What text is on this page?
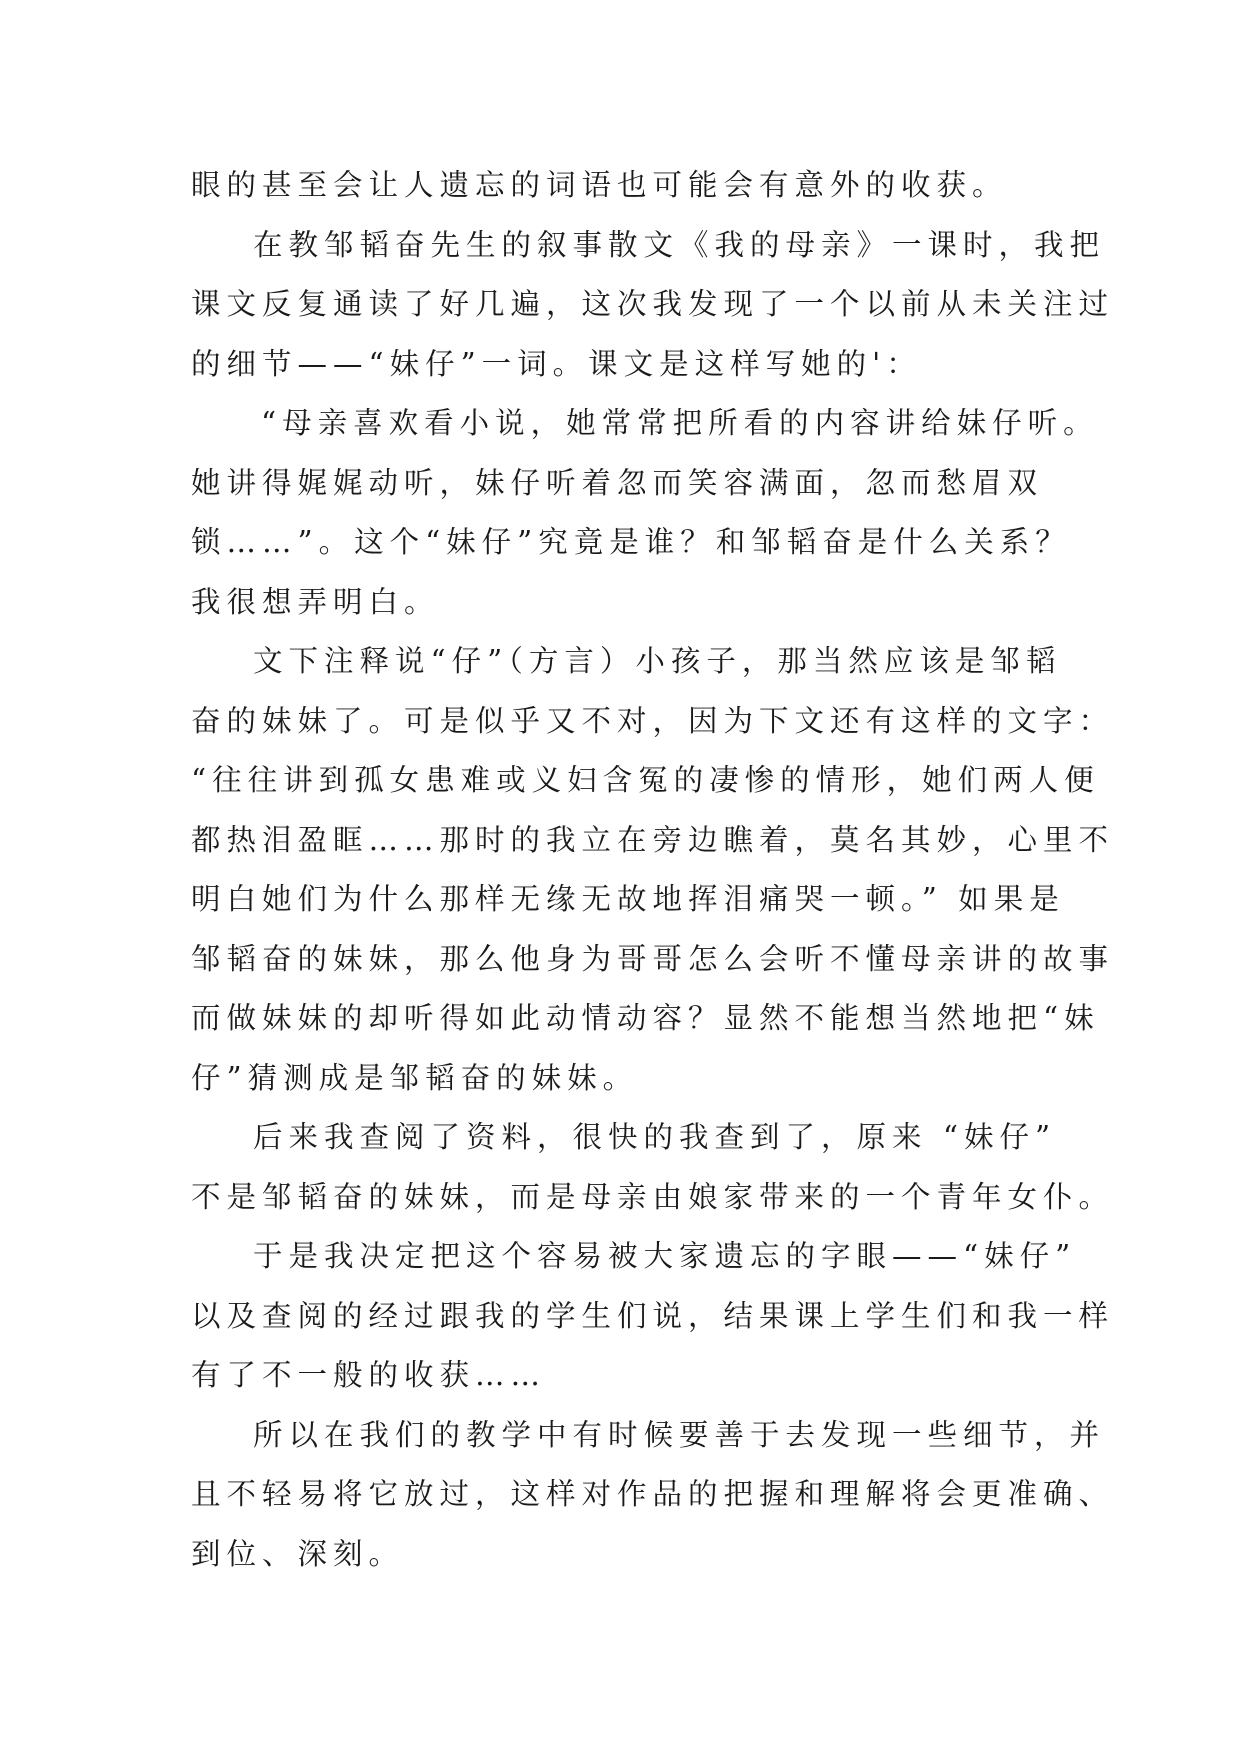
眼的甚至会让人遗忘的词语也可能会有意外的收获。
在教邹韬奋先生的叙事散文《我的母亲》一课时，我把
课文反复通读了好几遍，这次我发现了一个以前从未关注过
的细节——“妹仔”一词。课文是这样写她的'：
“母亲喜欢看小说，她常常把所看的内容讲给妹仔听。
她讲得娓娓动听，妹仔听着忽而笑容满面，忽而愁眉双
锁……”。这个“妹仔”究竟是谁？和邹韬奋是什么关系？
我很想弄明白。
文下注释说“仔”（方言）小孩子，那当然应该是邹韬
奋的妹妹了。可是似乎又不对，因为下文还有这样的文字：
“往往讲到孤女患难或义妇含冤的凄惨的情形，她们两人便
都热泪盈眶……那时的我立在旁边瞧着，莫名其妙，心里不
明白她们为什么那样无缘无故地挥泪痛哭一顿。” 如果是
邹韬奋的妹妹，那么他身为哥哥怎么会听不懂母亲讲的故事
而做妹妹的却听得如此动情动容？显然不能想当然地把“妹
仔”猜测成是邹韬奋的妹妹。
后来我查阅了资料，很快的我查到了，原来 “妹仔”
不是邹韬奋的妹妹，而是母亲由娘家带来的一个青年女仆。
于是我决定把这个容易被大家遗忘的字眼——“妹仔”
以及查阅的经过跟我的学生们说，结果课上学生们和我一样
有了不一般的收获……
所以在我们的教学中有时候要善于去发现一些细节，并
且不轻易将它放过，这样对作品的把握和理解将会更准确、
到位、深刻。
